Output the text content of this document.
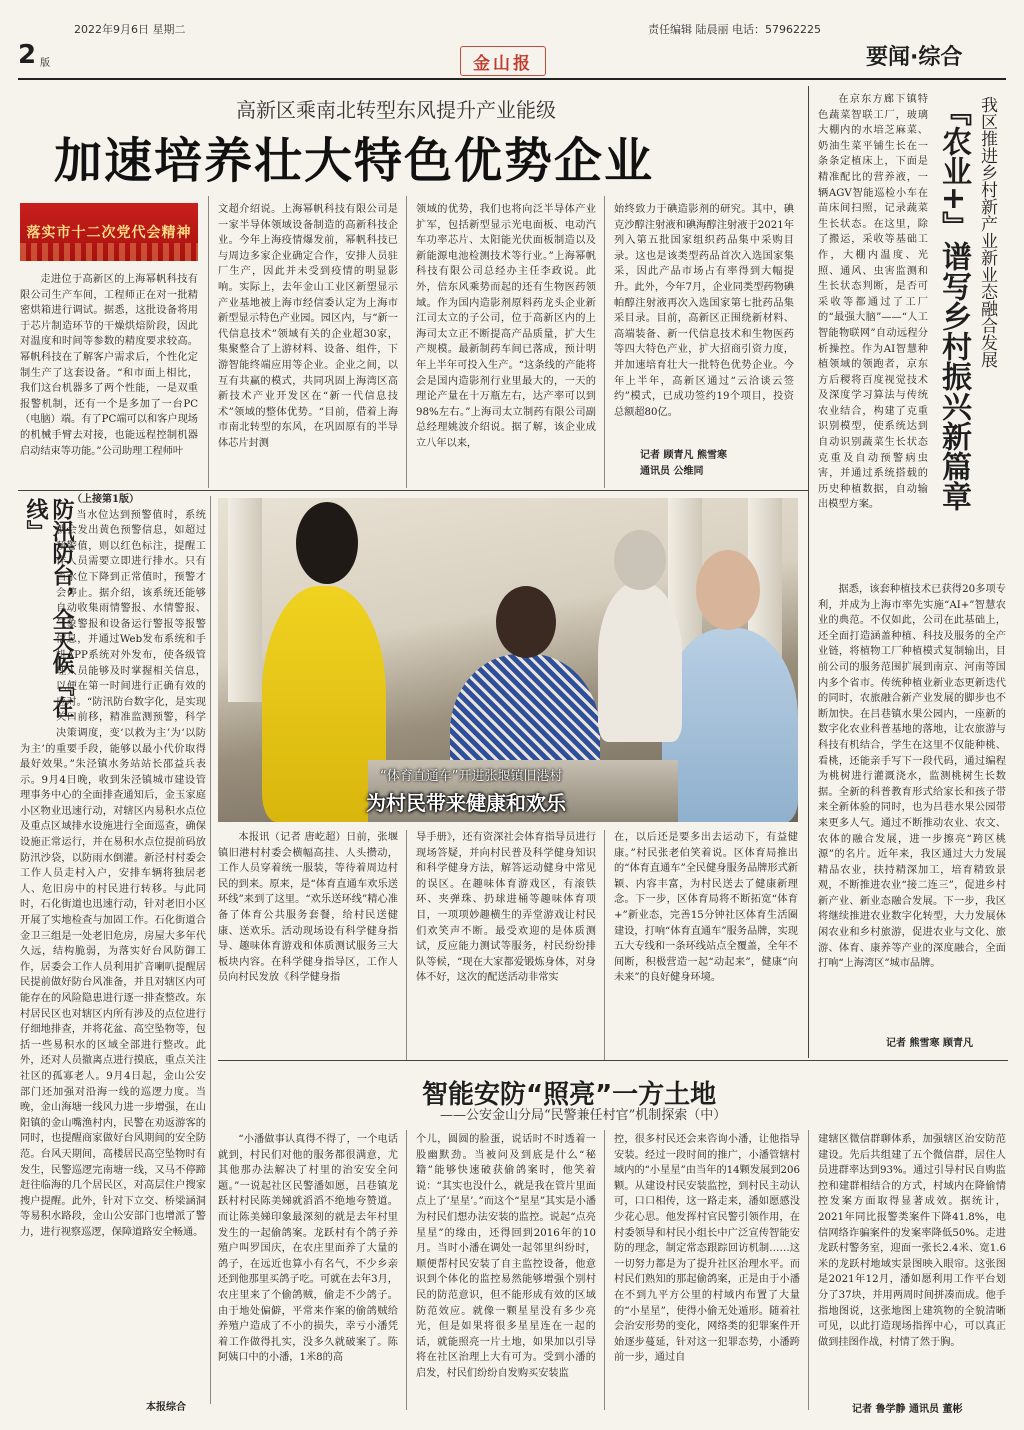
2022年9月6日 星期二	责任编辑 陆晨丽 电话：57962225
2 版	金山报	要闻·综合
高新区乘南北转型东风提升产业能级
加速培养壮大特色优势企业
落实市十二次党代会精神

走进位于高新区的上海幂帆科技有限公司生产车间，工程师正在对一批精密烘箱进行调试。据悉，这批设备将用于芯片制造环节的干燥烘焙阶段，因此对温度和时间等参数的精度要求较高。幂帆科技在了解客户需求后，个性化定制生产了这套设备。“和市面上相比，我们这台机器多了两个性能，一是双重报警机制，还有一个是多加了一台PC（电脑）端。有了PC端可以和客户现场的机械手臂去对接，也能远程控制机器启动结束等功能。”公司助理工程师叶

文超介绍说。上海幂帆科技有限公司是一家半导体领域设备制造的高新科技企业。今年上海疫情爆发前，幂帆科技已与周边多家企业确定合作，安排人员驻厂生产，因此并未受到疫情的明显影响。实际上，去年金山工业区新塑显示产业基地被上海市经信委认定为上海市新型显示特色产业园。园区内，与“新一代信息技术”领域有关的企业超30家，集聚整合了上游材料、设备、组件，下游智能终端应用等企业。企业之间，以互有共赢的模式，共同巩固上海湾区高新技术产业开发区在“新一代信息技术”领域的整体优势。“目前，借着上海市南北转型的东风，在巩固原有的半导体芯片封测

领域的优势，我们也将向泛半导体产业扩军，包括新型显示光电面板、电动汽车功率芯片、太阳能光伏面板制造以及新能源电池检测技术等行业。”上海幂帆科技有限公司总经办主任李政说。此外，倍东风乘势而起的还有生物医药领域。作为国内造影剂原料药龙头企业新江司太立的子公司，位于高新区内的上海司太立正不断提高产品质量，扩大生产规模。最新制药车间已落成，预计明年上半年可投入生产。“这条线的产能将会是国内造影剂行业里最大的，一天的理论产量在十万瓶左右，达产率可以到98%左右。”上海司太立制药有限公司副总经理姚波介绍说。据了解，该企业成立八年以来，

始终致力于碘造影剂的研究。其中，碘克沙醇注射液和碘海醇注射液于2021年列入第五批国家组织药品集中采购目录。这也是该类型药品首次入选国家集采，因此产品市场占有率得到大幅提升。此外，今年7月，企业同类型药物碘帕醇注射液再次入选国家第七批药品集采目录。目前，高新区正围绕新材料、高端装备、新一代信息技术和生物医药等四大特色产业，扩大招商引资力度，并加速培育壮大一批特色优势企业。今年上半年，高新区通过“云洽谈云签约”模式，已成功签约19个项目，投资总额超80亿。

记者 顾青凡 熊雪寒
通讯员 公维同
防汛防台，全天候『在线』	（上接第1版）

当水位达到预警值时，系统就会发出黄色预警信息，如超过预警值，则以红色标注，提醒工作人员需要立即进行排水。只有当水位下降到正常值时，预警才会停止。据介绍，该系统还能够自动收集雨情警报、水情警报、气象警报和设备运行警报等报警信息，并通过Web发布系统和手机APP系统对外发布，使各级管理人员能够及时掌握相关信息，以便在第一时间进行正确有效的应对。“防汛防台数字化，是实现关口前移，精准监测预警，科学决策调度，变‘以救为主’为‘以防为主’的重要手段，能够以最小代价取得最好效果。”朱泾镇水务站站长邵益兵表示。9月4日晚，收到朱泾镇城市建设管理事务中心的全面排查通知后，金玉家庭小区物业迅速行动，对辖区内易积水点位及重点区域排水设施进行全面巡查，确保设施正常运行，并在易积水点位提前码放防汛沙袋，以防雨水倒灌。新泾村村委会工作人员走村入户，安排车辆将独居老人、危旧房中的村民进行转移。与此同时，石化街道也迅速行动，针对老旧小区开展了实地检查与加固工作。石化街道合金卫三组是一处老旧危房，房屋大多年代久远，结构脆弱，为落实好台风防御工作，居委会工作人员利用扩音喇叭提醒居民提前做好防台风准备，并且对辖区内可能存在的风险隐患进行逐一排查整改。东村居民区也对辖区内所有涉及的点位进行仔细地排查，并将花盆、高空坠物等，包括一些易积水的区域全部进行整改。此外，还对人员撤离点进行摸底，重点关注社区的孤寡老人。9月4日起，金山公安部门还加强对沿海一线的巡逻力度。当晚，金山海塘一线风力进一步增强，在山阳镇的金山嘴渔村内，民警在劝返游客的同时，也提醒商家做好台风期间的安全防范。台风天期间，高楼居民高空坠物时有发生，民警巡逻完南塘一线，又马不停蹄赶往临海的几个居民区，对高层住户搜家搜户提醒。此外，针对下立交、桥梁涵洞等易积水路段，金山公安部门也增派了警力，进行视察巡逻，保障道路安全畅通。

本报综合
“体育直通车”开进张堰镇旧港村
为村民带来健康和欢乐

本报讯（记者 唐屹超）日前，张堰镇旧港村村委会横幅高挂、人头攒动，工作人员穿着统一服装，等待着周边村民的到来。原来，是“体育直通车欢乐送环线”来到了这里。“欢乐送环线”精心准备了体育公共服务套餐，给村民送健康、送欢乐。活动现场设有科学健身指导、趣味体育游戏和体质测试服务三大板块内容。在科学健身指导区，工作人员向村民发放《科学健身指

导手册》，还有资深社会体育指导员进行现场答疑，并向村民普及科学健身知识和科学健身方法，解答运动健身中常见的误区。在趣味体育游戏区，有滚铁环、夹弹珠、扔球进桶等趣味体育项目，一项项妙趣横生的弄堂游戏让村民们欢笑声不断。最受欢迎的是体质测试，反应能力测试等服务，村民纷纷排队等候，“现在大家都爱锻炼身体，对身体不好，这次的配送活动非常实

在，以后还是要多出去运动下，有益健康。”村民张老伯笑着说。区体育局推出的“体育直通车”全民健身服务品牌形式新颖、内容丰富，为村民送去了健康新理念。下一步，区体育局将不断拓宽“体育+”新业态，完善15分钟社区体育生活圈建设，打响“体育直通车”服务品牌，实现五大专线和一条环线站点全覆盖，全年不间断，积极营造一起“动起来”，健康“向未来”的良好健身环境。

在京东方廊下镇特色蔬菜智联工厂，玻璃大棚内的水培芝麻菜、奶油生菜平铺生长在一条条定植床上，下面是精准配比的营养液，一辆AGV智能巡检小车在苗床间扫照，记录蔬菜生长状态。在这里，除了搬运，采收等基础工作，大棚内温度、光照、通风、虫害监测和生长状态判断，是否可采收等都通过了工厂的“最强大脑”——“人工智能物联网”自动远程分析操控。作为AI智慧种植领域的领跑者，京东方后稷将百度视觉技术及深度学习算法与传统农业结合，构建了克重识别模型，使系统达到自动识别蔬菜生长状态克重及自动预警病虫害，并通过系统搭载的历史种植数据，自动输出模型方案。	『农业+』谱写乡村振兴新篇章 我区推进乡村新产业新业态融合发展

据悉，该套种植技术已获得20多项专利，并成为上海市率先实施“AI+”智慧农业的典范。不仅如此，公司在此基础上，还全面打造涵盖种植、科技及服务的全产业链，将植物工厂种植模式复制输出，目前公司的服务范围扩展到南京、河南等国内多个省市。传统种植业新业态更新迭代的同时，农旅融合新产业发展的脚步也不断加快。在吕巷镇水果公园内，一座新的数字化农业科普基地的落地，让农旅游与科技有机结合，学生在这里不仅能种桃、看桃，还能亲手写下一段代码，通过编程为桃树进行灌溉浇水，监测桃树生长数据。全新的科普教育形式给家长和孩子带来全新体验的同时，也为吕巷水果公园带来更多人气。通过不断推动农业、农文、农体的融合发展，进一步擦亮“跨区桃源”的名片。近年来，我区通过大力发展精品农业，扶持精深加工，培育精致景观，不断推进农业“接二连三”，促进乡村新产业、新业态融合发展。下一步，我区将继续推进农业数字化转型，大力发展休闲农业和乡村旅游，促进农业与文化、旅游、体育、康养等产业的深度融合，全面打响“上海湾区”城市品牌。

记者 熊雪寒 顾青凡
智能安防“照亮”一方土地
——公安金山分局“民警兼任村官”机制探索（中）

“小潘做事认真得不得了，一个电话就到，村民们对他的服务都很满意，尤其他那办法解决了村里的治安安全问题。”一说起社区民警潘如愿，吕巷镇龙跃村村民陈美娣就滔滔不绝地夸赞道。而让陈美娣印象最深刻的就是去年村里发生的一起偷鸽案。龙跃村有个鸽子养殖户叫罗国庆，在农庄里面养了大量的鸽子，在远近也算小有名气，不少乡亲还到他那里买鸽子吃。可就在去年3月，农庄里来了个偷鸽贼，偷走不少鸽子。由于地处偏僻，平常来作案的偷鸽贼给养殖户造成了不小的损失，幸亏小潘凭着工作做得扎实，没多久就破案了。陈阿姨口中的小潘，1米8的高

个儿，圆圆的脸蛋，说话时不时透着一股幽默劲。当被问及到底是什么“秘籍”能够快速破获偷鸽案时，他笑着说：“其实也没什么，就是我在管片里面点上了‘星星’。”而这个“星星”其实是小潘为村民们想办法安装的监控。说起“点亮星星”的缘由，还得回到2016年的10月。当时小潘在调处一起邻里纠纷时，顺便帮村民安装了自主监控设备，他意识到个体化的监控易然能够增强个别村民的防范意识，但不能形成有效的区域防范效应。就像一颗星星没有多少亮光，但是如果将很多星星连在一起的话，就能照亮一片土地，如果加以引导将在社区治理上大有可为。受到小潘的启发，村民们纷纷自发购买安装监

控，很多村民还会来咨询小潘，让他指导安装。经过一段时间的推广，小潘管辖村域内的“小星星”由当年的14颗发展到206颗。从建设村民安装监控，到村民主动认可，口口相传，这一路走来，潘如愿感没少花心思。他发挥村官民警引领作用，在村委领导和村民小组长中广泛宣传智能安防的理念，制定常态跟踪回访机制……这一切努力都是为了提升社区治理水平。而村民们熟知的那起偷鸽案，正是由于小潘在不到九平方公里的村域内布置了大量的“小星星”，使得小偷无处遁形。随着社会治安形势的变化，网络类的犯罪案件开始逐步蔓延，针对这一犯罪态势，小潘跨前一步，通过自

建辖区微信群聊体系，加强辖区治安防范建设。先后共组建了五个微信群，居住人员进群率达到93%。通过引导村民自购监控和建群相结合的方式，村域内在降偷情控发案方面取得显著成效。据统计，2021年同比报警类案件下降41.8%，电信网络诈骗案件的发案率降低50%。走进龙跃村警务室，迎面一张长2.4米、宽1.6米的龙跃村地域实景图映入眼帘。这张图是2021年12月，潘如愿利用工作平台划分了37块，并用两周时间拼凑而成。他手指地图说，这张地图上建筑物的全貌清晰可见，以此打造现场指挥中心，可以真正做到挂图作战，村情了然于胸。

记者 鲁学静 通讯员 董彬
